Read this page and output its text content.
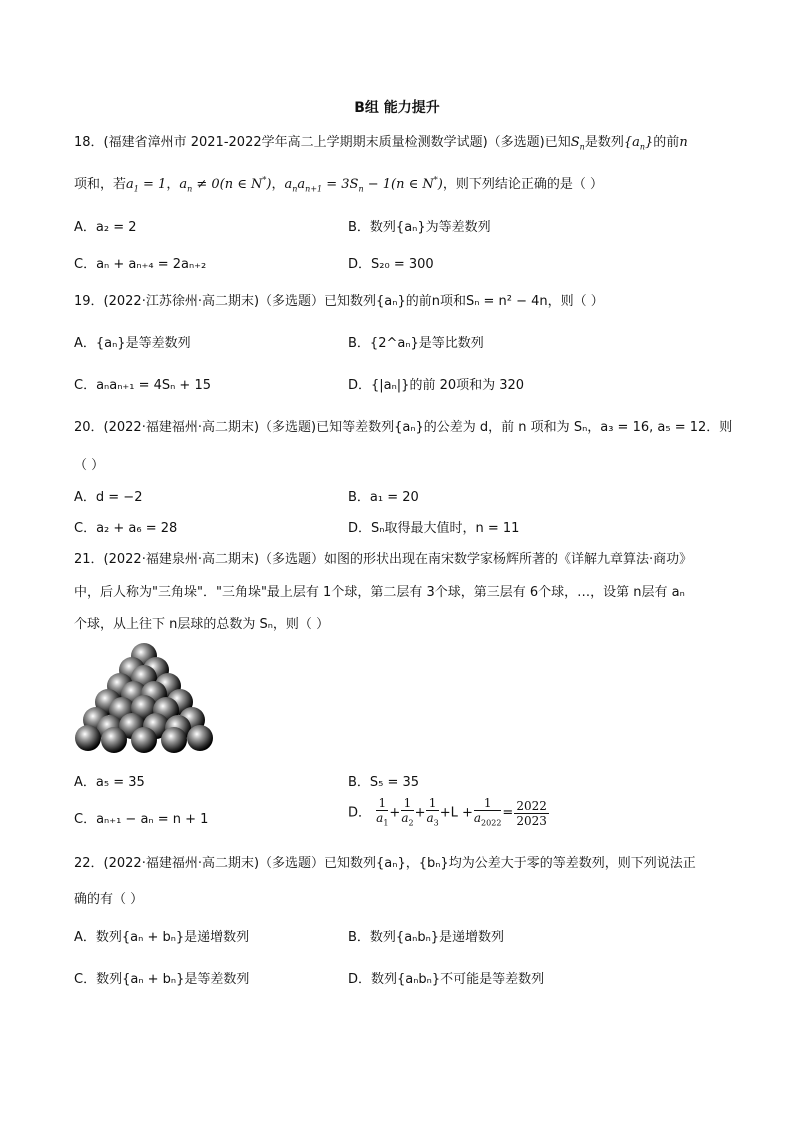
B组 能力提升
18．(福建省漳州市 2021-2022学年高二上学期期末质量检测数学试题)（多选题)已知$S_n$是数列$\{a_n\}$的前n
项和，若$a_1 = 1$，$a_n \ne 0(n$ ∈ N*)，$a_na_{n+1} = 3S_n - 1(n$ ∈ N*)，则下列结论正确的是（ ）
A．a₂ = 2	B．数列{aₙ}为等差数列
C．aₙ + aₙ₊₄ = 2aₙ₊₂	D．S₂₀ = 300
19．(2022·江苏徐州·高二期末)（多选题）已知数列{aₙ}的前n项和Sₙ = n² − 4n，则（ ）
A．{aₙ}是等差数列	B．{2^aₙ}是等比数列
C．aₙaₙ₊₁ = 4Sₙ + 15	D．{|aₙ|}的前 20项和为 320
20．(2022·福建福州·高二期末)（多选题)已知等差数列{aₙ}的公差为 d，前 n 项和为 Sₙ，a₃ = 16, a₅ = 12．则
（ ）
A．d = −2	B．a₁ = 20
C．a₂ + a₆ = 28	D．Sₙ取得最大值时，n = 11
21．(2022·福建泉州·高二期末)（多选题）如图的形状出现在南宋数学家杨辉所著的《详解九章算法·商功》
中，后人称为"三角垛"．"三角垛"最上层有 1个球，第二层有 3个球，第三层有 6个球，…，设第 n层有 aₙ
个球，从上往下 n层球的总数为 Sₙ，则（ ）
A．a₅ = 35	B．S₅ = 35
C．aₙ₊₁ − aₙ = n + 1	D． $\frac{1}{a_1} + \frac{1}{a_2} + \frac{1}{a_3} +L + \frac{1}{a_{2022}} = \frac{2022}{2023}$
22．(2022·福建福州·高二期末)（多选题）已知数列{aₙ}，{bₙ}均为公差大于零的等差数列，则下列说法正
确的有（ ）
A．数列{aₙ + bₙ}是递增数列	B．数列{aₙbₙ}是递增数列
C．数列{aₙ + bₙ}是等差数列	D．数列{aₙbₙ}不可能是等差数列
